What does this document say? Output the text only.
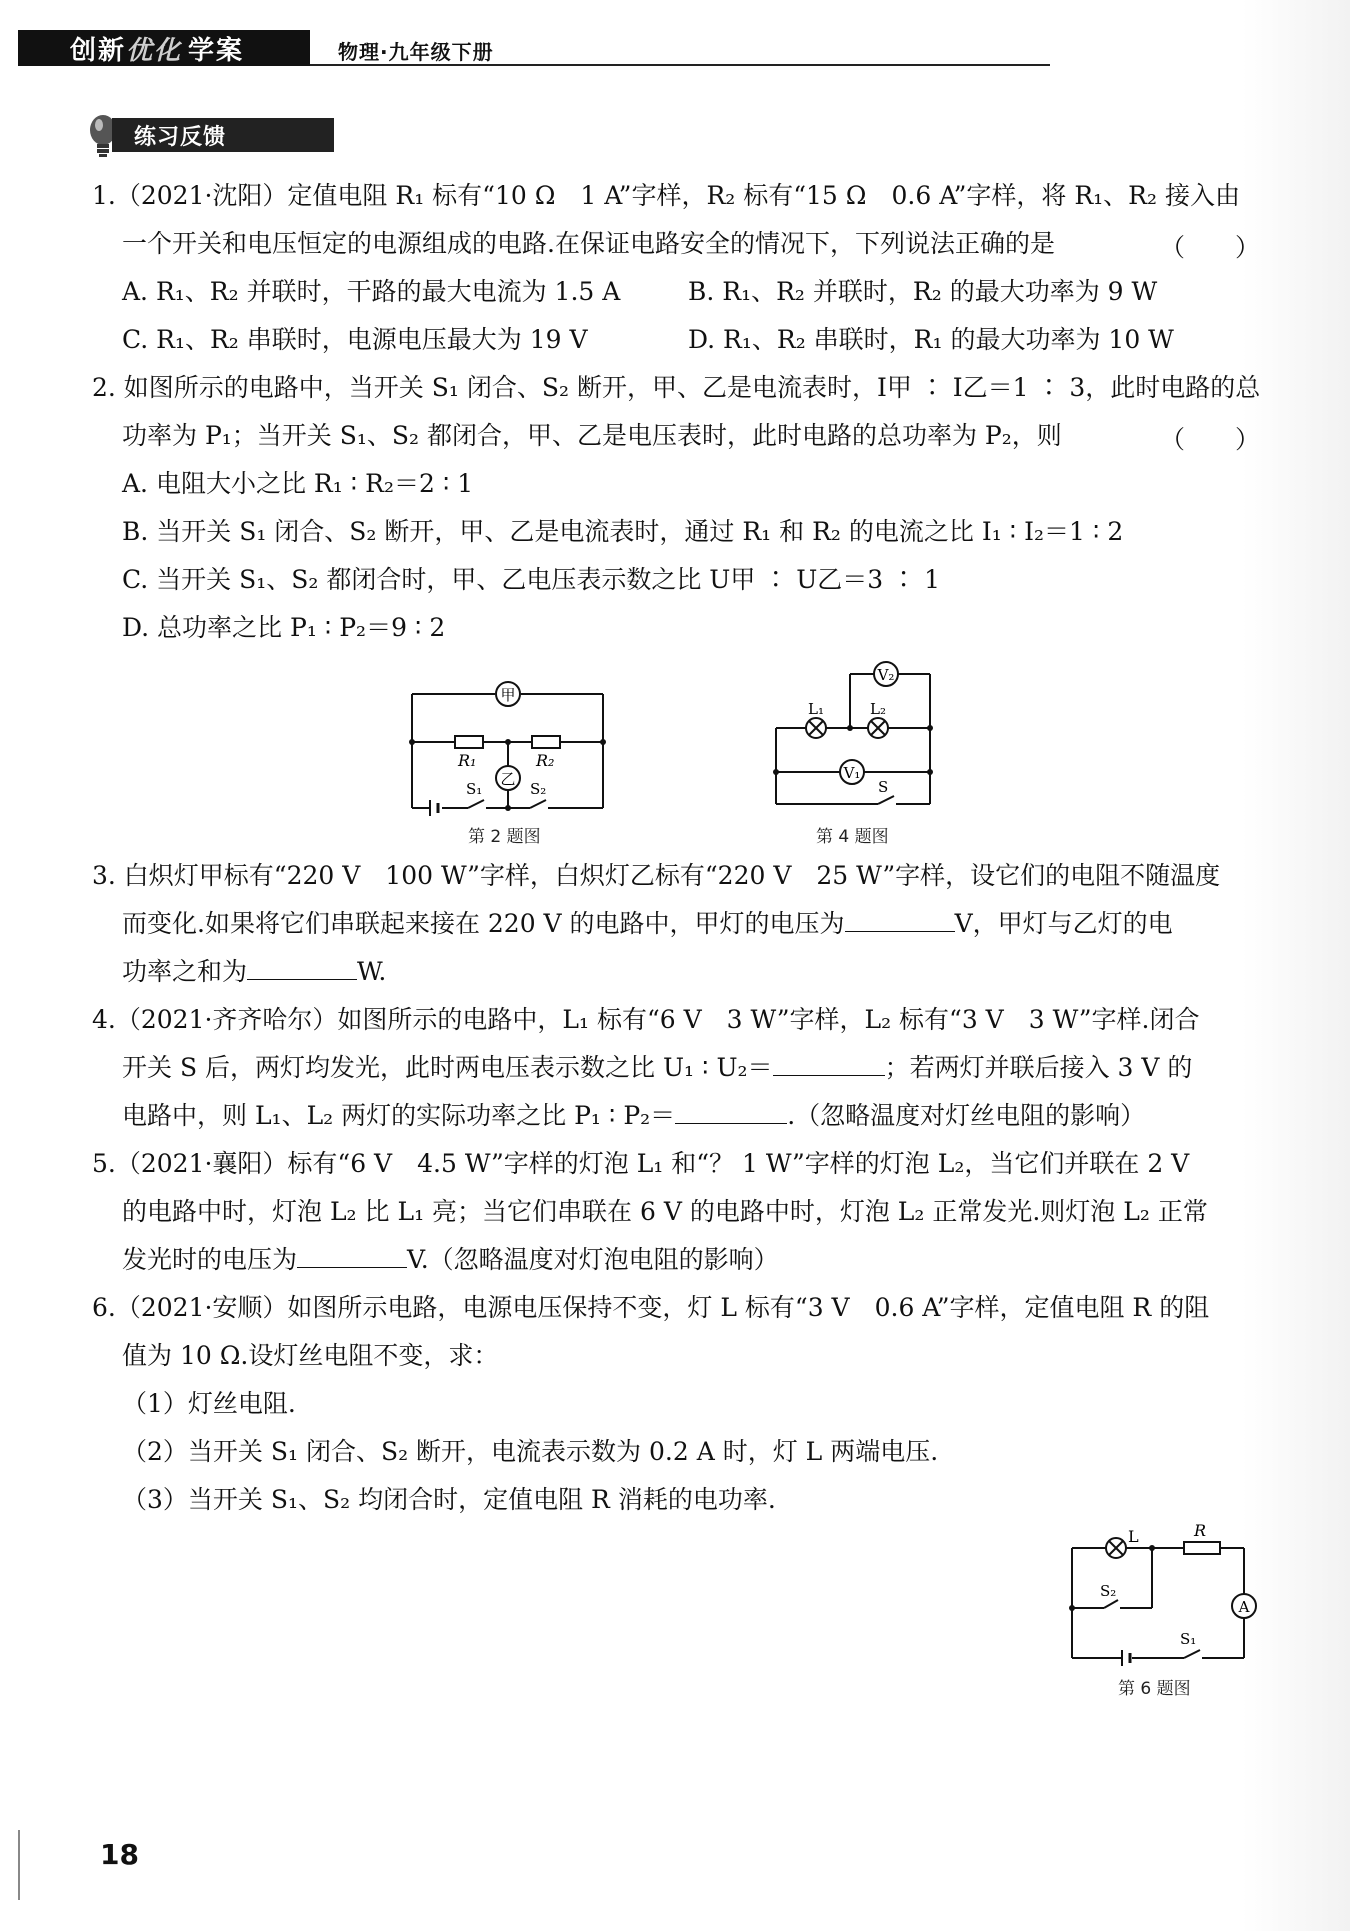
创新 优化 学案	物理·九年级下册
练习反馈
1.（2021·沈阳）定值电阻 R₁ 标有“10 Ω　1 A”字样，R₂ 标有“15 Ω　0.6 A”字样，将 R₁、R₂ 接入由
一个开关和电压恒定的电源组成的电路.在保证电路安全的情况下，下列说法正确的是	（　　）
A. R₁、R₂ 并联时，干路的最大电流为 1.5 A	B. R₁、R₂ 并联时，R₂ 的最大功率为 9 W
C. R₁、R₂ 串联时，电源电压最大为 19 V	D. R₁、R₂ 串联时，R₁ 的最大功率为 10 W
2. 如图所示的电路中，当开关 S₁ 闭合、S₂ 断开，甲、乙是电流表时，I甲 ∶ I乙＝1 ∶ 3，此时电路的总
功率为 P₁；当开关 S₁、S₂ 都闭合，甲、乙是电压表时，此时电路的总功率为 P₂，则	（　　）
A. 电阻大小之比 R₁ ∶ R₂＝2 ∶ 1
B. 当开关 S₁ 闭合、S₂ 断开，甲、乙是电流表时，通过 R₁ 和 R₂ 的电流之比 I₁ ∶ I₂＝1 ∶ 2
C. 当开关 S₁、S₂ 都闭合时，甲、乙电压表示数之比 U甲 ∶ U乙＝3 ∶ 1
D. 总功率之比 P₁ ∶ P₂＝9 ∶ 2
甲
乙
R₁	R₂
S₁	S₂
第 2 题图
V₂
V₁
L₁	L₂
S
第 4 题图
3. 白炽灯甲标有“220 V　100 W”字样，白炽灯乙标有“220 V　25 W”字样，设它们的电阻不随温度
而变化.如果将它们串联起来接在 220 V 的电路中，甲灯的电压为	V，甲灯与乙灯的电
功率之和为	W.
4.（2021·齐齐哈尔）如图所示的电路中，L₁ 标有“6 V　3 W”字样，L₂ 标有“3 V　3 W”字样.闭合
开关 S 后，两灯均发光，此时两电压表示数之比 U₁ ∶ U₂＝	；若两灯并联后接入 3 V 的
电路中，则 L₁、L₂ 两灯的实际功率之比 P₁ ∶ P₂＝	.（忽略温度对灯丝电阻的影响）
5.（2021·襄阳）标有“6 V　4.5 W”字样的灯泡 L₁ 和“？ 1 W”字样的灯泡 L₂，当它们并联在 2 V
的电路中时，灯泡 L₂ 比 L₁ 亮；当它们串联在 6 V 的电路中时，灯泡 L₂ 正常发光.则灯泡 L₂ 正常
发光时的电压为	V.（忽略温度对灯泡电阻的影响）
6.（2021·安顺）如图所示电路，电源电压保持不变，灯 L 标有“3 V　0.6 A”字样，定值电阻 R 的阻
值为 10 Ω.设灯丝电阻不变，求：
（1）灯丝电阻.
（2）当开关 S₁ 闭合、S₂ 断开，电流表示数为 0.2 A 时，灯 L 两端电压.
（3）当开关 S₁、S₂ 均闭合时，定值电阻 R 消耗的电功率.
L	R
A
S₂
S₁
第 6 题图
18
